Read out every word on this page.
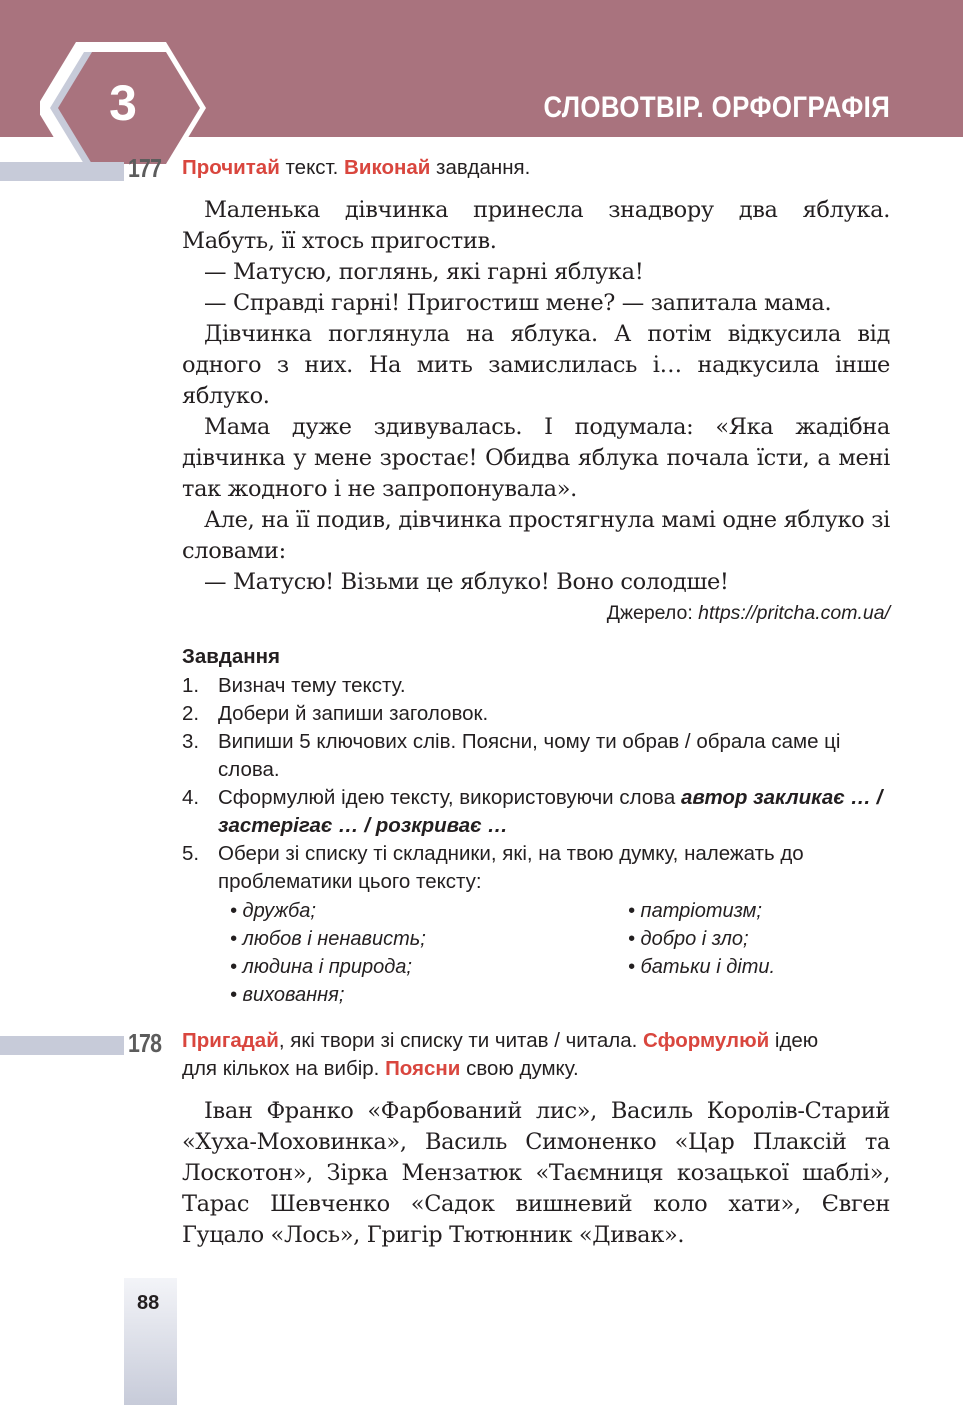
3	СЛОВОТВІР. ОРФОГРАФІЯ
177 Прочитай текст. Виконай завдання.

Маленька дівчинка принесла знадвору два яблука. Мабуть, її хтось пригостив.

— Матусю, поглянь, які гарні яблука!

— Справді гарні! Пригостиш мене? — запитала мама.

Дівчинка поглянула на яблука. А потім відкусила від одного з них. На мить замислилась і… надкусила інше яблуко.

Мама дуже здивувалась. І подумала: «Яка жадібна дівчинка у мене зростає! Обидва яблука почала їсти, а мені так жодного і не запропонувала».

Але, на її подив, дівчинка простягнула мамі одне яблуко зі словами:

— Матусю! Візьми це яблуко! Воно солодше!

Джерело: https://pritcha.com.ua/
Завдання
1. Визнач тему тексту.
2. Добери й запиши заголовок.
3. Випиши 5 ключових слів. Поясни, чому ти обрав / обрала саме ці слова.
4. Сформулюй ідею тексту, використовуючи слова автор закликає … / застерігає … / розкриває …
5. Обери зі списку ті складники, які, на твою думку, належать до проблематики цього тексту:
• дружба;
• любов і ненависть;
• людина і природа;
• виховання;
• патріотизм;
• добро і зло;
• батьки і діти.
178 Пригадай, які твори зі списку ти читав / читала. Сформулюй ідею для кількох на вибір. Поясни свою думку.

Іван Франко «Фарбований лис», Василь Королів-Старий «Хуха-Моховинка», Василь Симоненко «Цар Плаксій та Лоскотон», Зірка Мензатюк «Таємниця козацької шаблі», Тарас Шевченко «Садок вишневий коло хати», Євген Гуцало «Лось», Григір Тютюнник «Дивак».

88
